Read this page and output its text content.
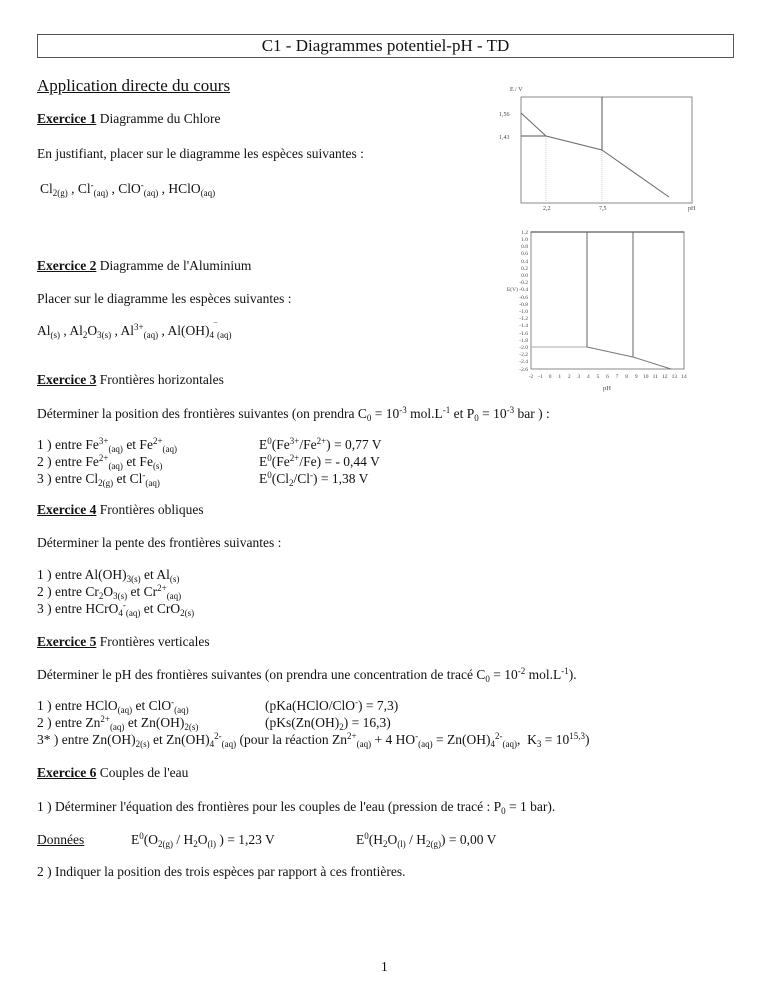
C1 - Diagrammes potentiel-pH - TD
Application directe du cours
Exercice 1 Diagramme du Chlore
En justifiant, placer sur le diagramme les espèces suivantes :
$Cl_{2(g)}$ , $Cl^-_{(aq)}$ , ClO-$_{(aq)}$ , HClO$_{(aq)}$
E / V
1,56
1,43
2,2	7,5	pH
1.2
1.0
0.8
0.6
0.4
0.2
0.0
-0.2
E(V) -0.4
-0.6
-0.8
-1.0
-1.2
-1.4
-1.6
-1.8
-2.0
-2.2
-2.4
-2.6
-2 -1 0 1 2 3 4 5 6 7 8 9 10 11 12 13 14
pH
Exercice 2 Diagramme de l'Aluminium
Placer sur le diagramme les espèces suivantes :
$Al_{(s)}$ , $Al_2O_{3(s)}$ , $Al^{3+}_{(aq)}$ , $Al(OH)_4^‾_{(aq)}$
Exercice 3 Frontières horizontales
Déterminer la position des frontières suivantes (on prendra $C_0 = 10^{-3}$ $mol.L^{-1}$ et $P_0 = 10^{-3}$ bar ) :
1 ) entre $Fe^{3+}_{(aq)}$ et $Fe^{2+}_{(aq)}$	$E^0(Fe^{3+}/Fe^{2+}) = 0,77$ V
2 ) entre $Fe^{2+}_{(aq)}$ et $Fe_{(s)}$	$E^0(Fe^{2+}/Fe)$ = - 0,44 V
3 ) entre $Cl_{2(g)}$ et $Cl^-_{(aq)}$	$E^0(Cl_2/Cl^-) = 1,38$ V
Exercice 4 Frontières obliques
Déterminer la pente des frontières suivantes :
1 ) entre $Al(OH)_{3(s)}$ et $Al_{(s)}$
2 ) entre $Cr_2O_{3(s)}$ et $Cr^{2+}_{(aq)}$
3 ) entre HCrO$_4$-$_{(aq)}$ et CrO$_{2(s)}$
Exercice 5 Frontières verticales
Déterminer le pH des frontières suivantes (on prendra une concentration de tracé $C_0 = 10^{-2}$ $mol.L^{-1}$).
1 ) entre HClO$_{(aq)}$ et ClO-$_{(aq)}$	(pKa(HClO/ClO-) = 7,3)
2 ) entre $Zn^{2+}_{(aq)}$ et $Zn(OH)_{2(s)}$	$(pKs(Zn(OH)_2) = 16,3)$
3* ) entre $Zn(OH)_{2(s)}$ et $Zn(OH)_4^{2-}_{(aq)}$ (pour la réaction $Zn^{2+}_{(aq)} + 4$ $HO^-_{(aq)} = Zn(OH)_4^{2-}_{(aq)}$,  $K_3 = 10^{15,3}$)
Exercice 6 Couples de l'eau
1 ) Déterminer l'équation des frontières pour les couples de l'eau (pression de tracé : $P_0 = 1$ bar).
Données	$E^0(O_{2(g)} / H_2O_{(l)}$ ) = 1,23 V	$E^0(H_2O_{(l)} / H_{2(g)}) = 0,00$ V
2 ) Indiquer la position des trois espèces par rapport à ces frontières.
1
